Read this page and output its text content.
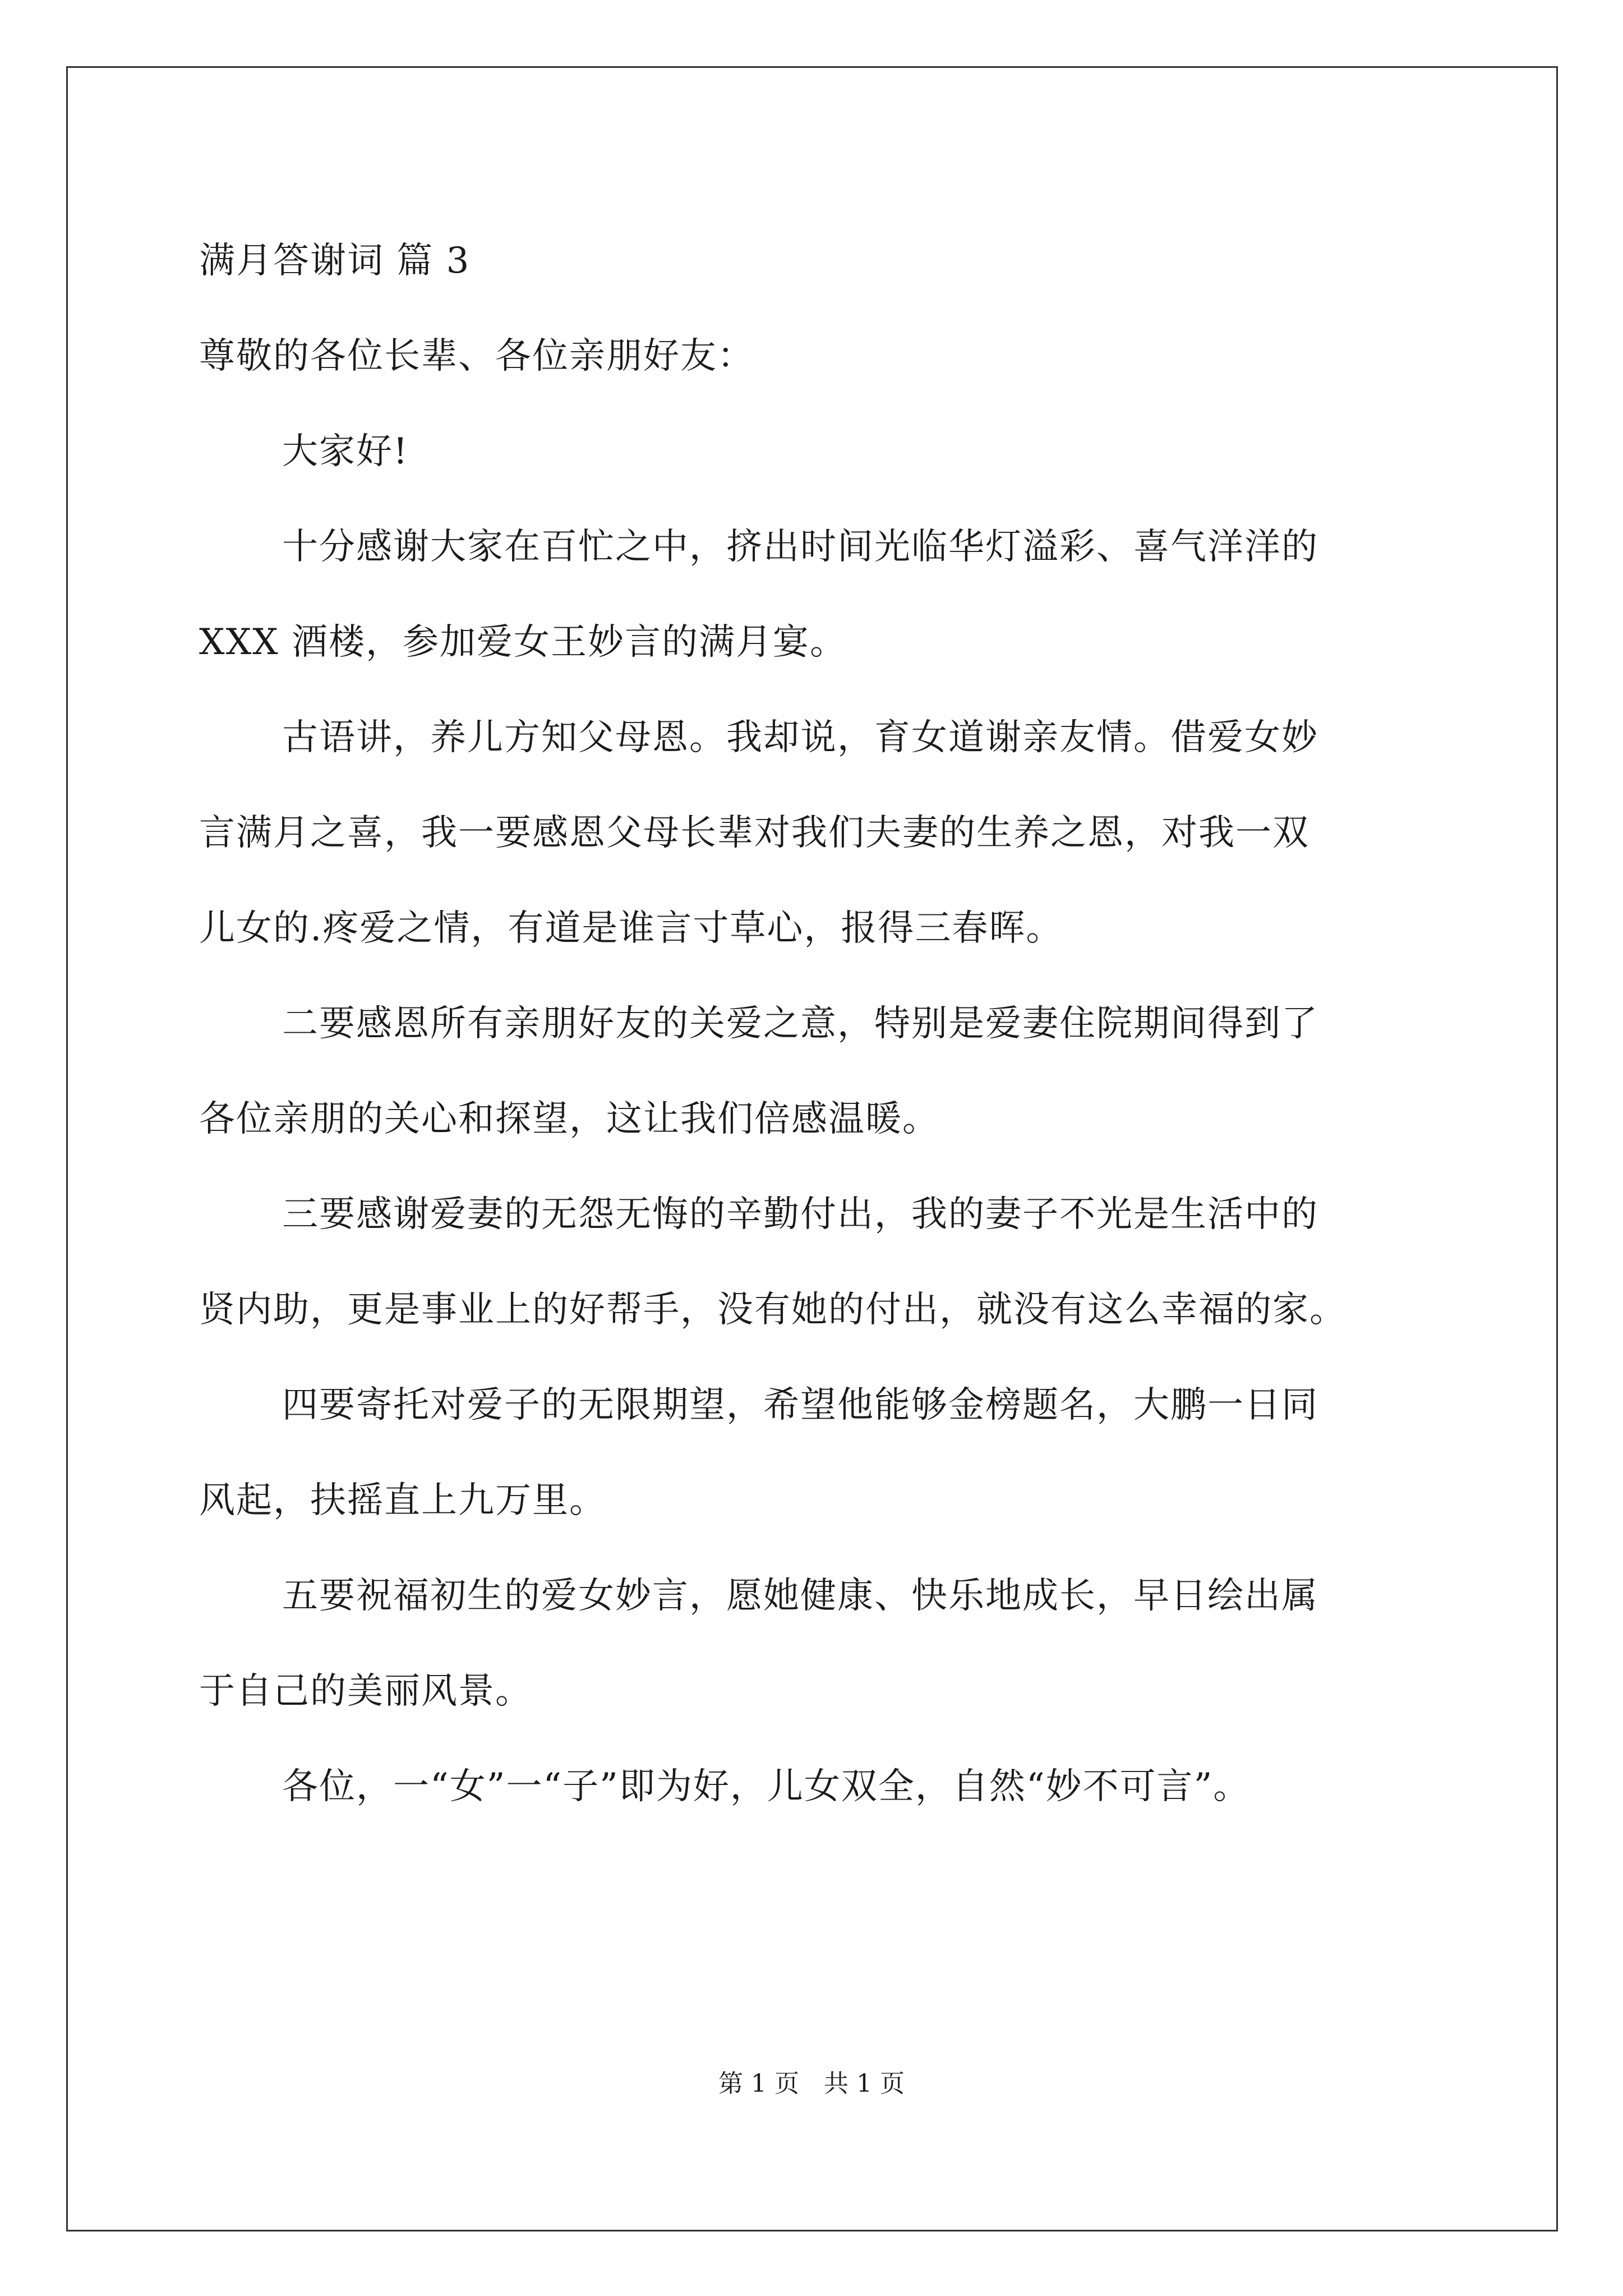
满月答谢词 篇 3
尊敬的各位长辈、各位亲朋好友：
大家好!
十分感谢大家在百忙之中，挤出时间光临华灯溢彩、喜气洋洋的
XXX 酒楼，参加爱女王妙言的满月宴。
古语讲，养儿方知父母恩。我却说，育女道谢亲友情。借爱女妙
言满月之喜，我一要感恩父母长辈对我们夫妻的生养之恩，对我一双
儿女的.疼爱之情，有道是谁言寸草心，报得三春晖。
二要感恩所有亲朋好友的关爱之意，特别是爱妻住院期间得到了
各位亲朋的关心和探望，这让我们倍感温暖。
三要感谢爱妻的无怨无悔的辛勤付出，我的妻子不光是生活中的
贤内助，更是事业上的好帮手，没有她的付出，就没有这么幸福的家。
四要寄托对爱子的无限期望，希望他能够金榜题名，大鹏一日同
风起，扶摇直上九万里。
五要祝福初生的爱女妙言，愿她健康、快乐地成长，早日绘出属
于自己的美丽风景。
各位，一“女”一“子”即为好，儿女双全，自然“妙不可言”。
第 1 页 共 1 页
